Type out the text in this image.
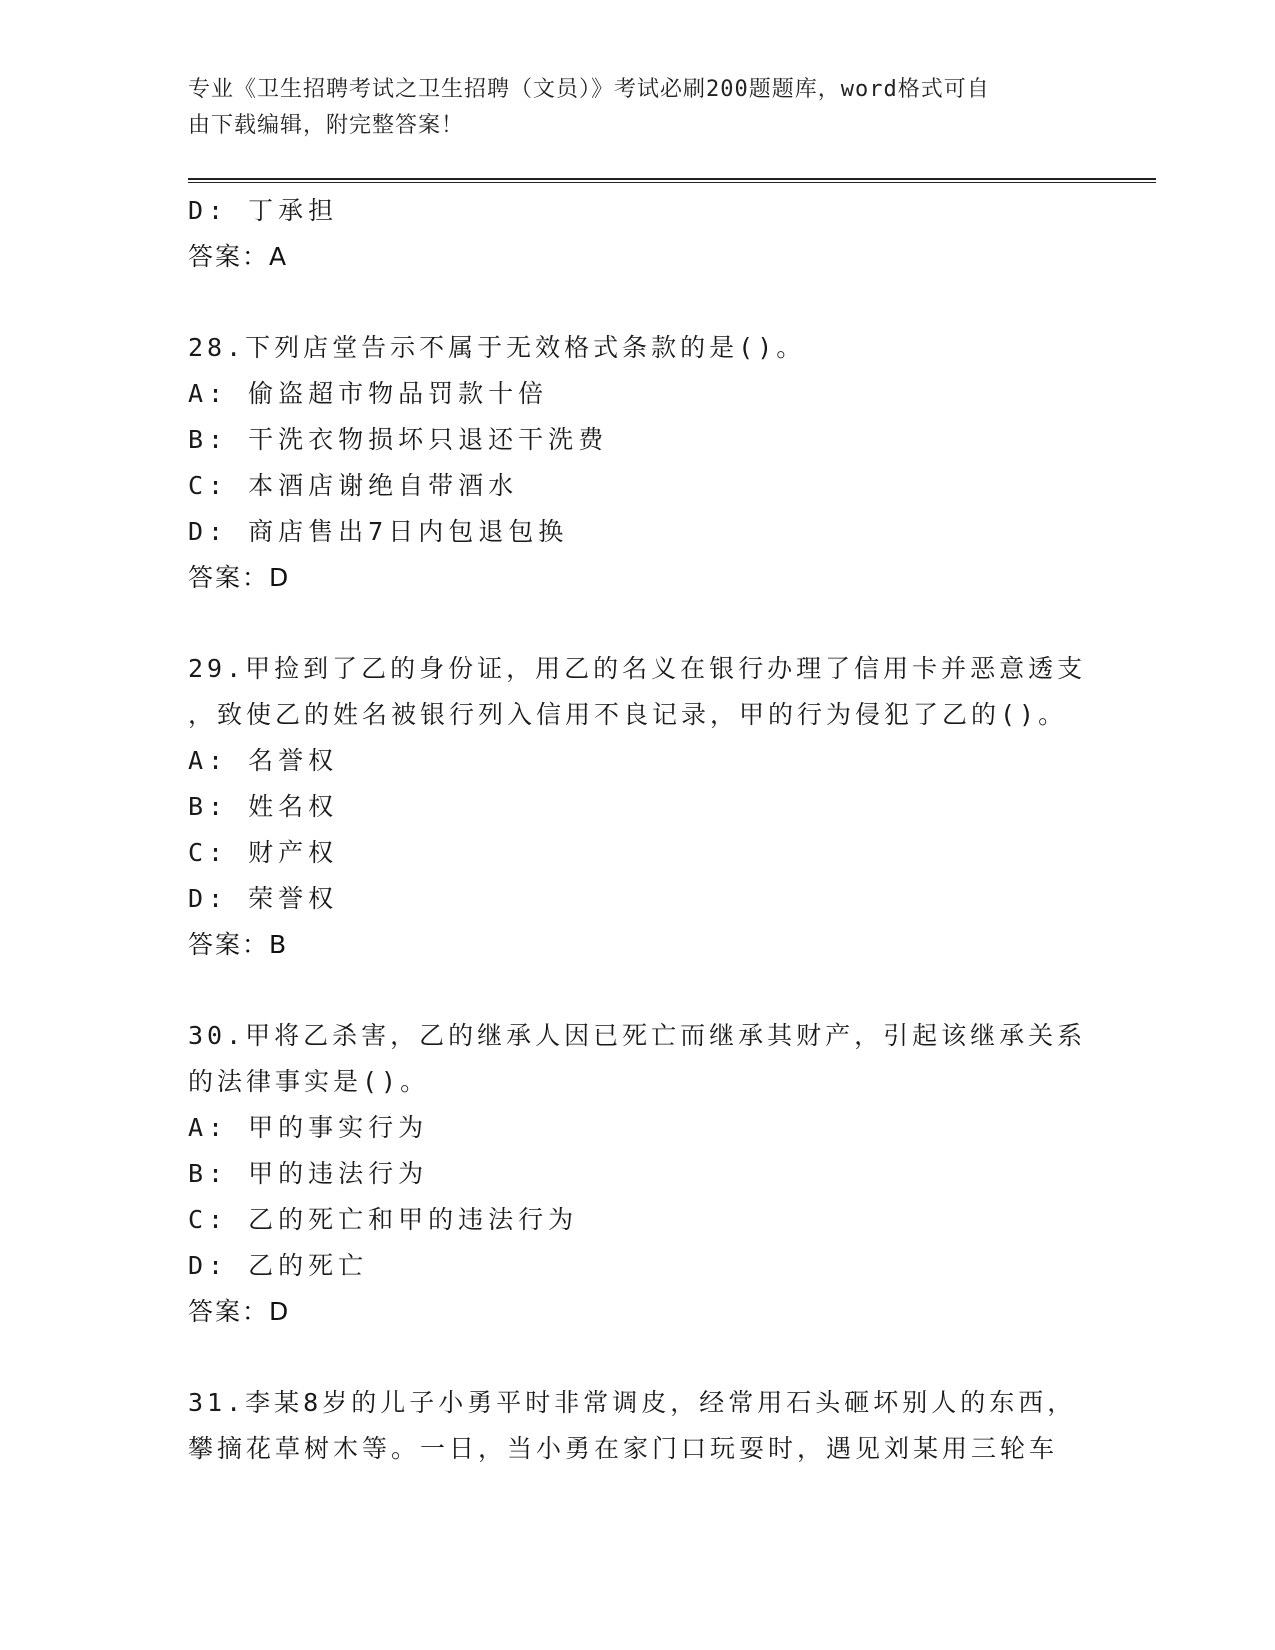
专业《卫生招聘考试之卫生招聘（文员）》考试必刷200题题库，word格式可自
由下载编辑，附完整答案！
D: 丁承担
答案：A
28.下列店堂告示不属于无效格式条款的是()。
A: 偷盗超市物品罚款十倍
B: 干洗衣物损坏只退还干洗费
C: 本酒店谢绝自带酒水
D: 商店售出7日内包退包换
答案：D
29.甲捡到了乙的身份证，用乙的名义在银行办理了信用卡并恶意透支
，致使乙的姓名被银行列入信用不良记录，甲的行为侵犯了乙的()。
A: 名誉权
B: 姓名权
C: 财产权
D: 荣誉权
答案：B
30.甲将乙杀害，乙的继承人因已死亡而继承其财产，引起该继承关系
的法律事实是()。
A: 甲的事实行为
B: 甲的违法行为
C: 乙的死亡和甲的违法行为
D: 乙的死亡
答案：D
31.李某8岁的儿子小勇平时非常调皮，经常用石头砸坏别人的东西，
攀摘花草树木等。一日，当小勇在家门口玩耍时，遇见刘某用三轮车
